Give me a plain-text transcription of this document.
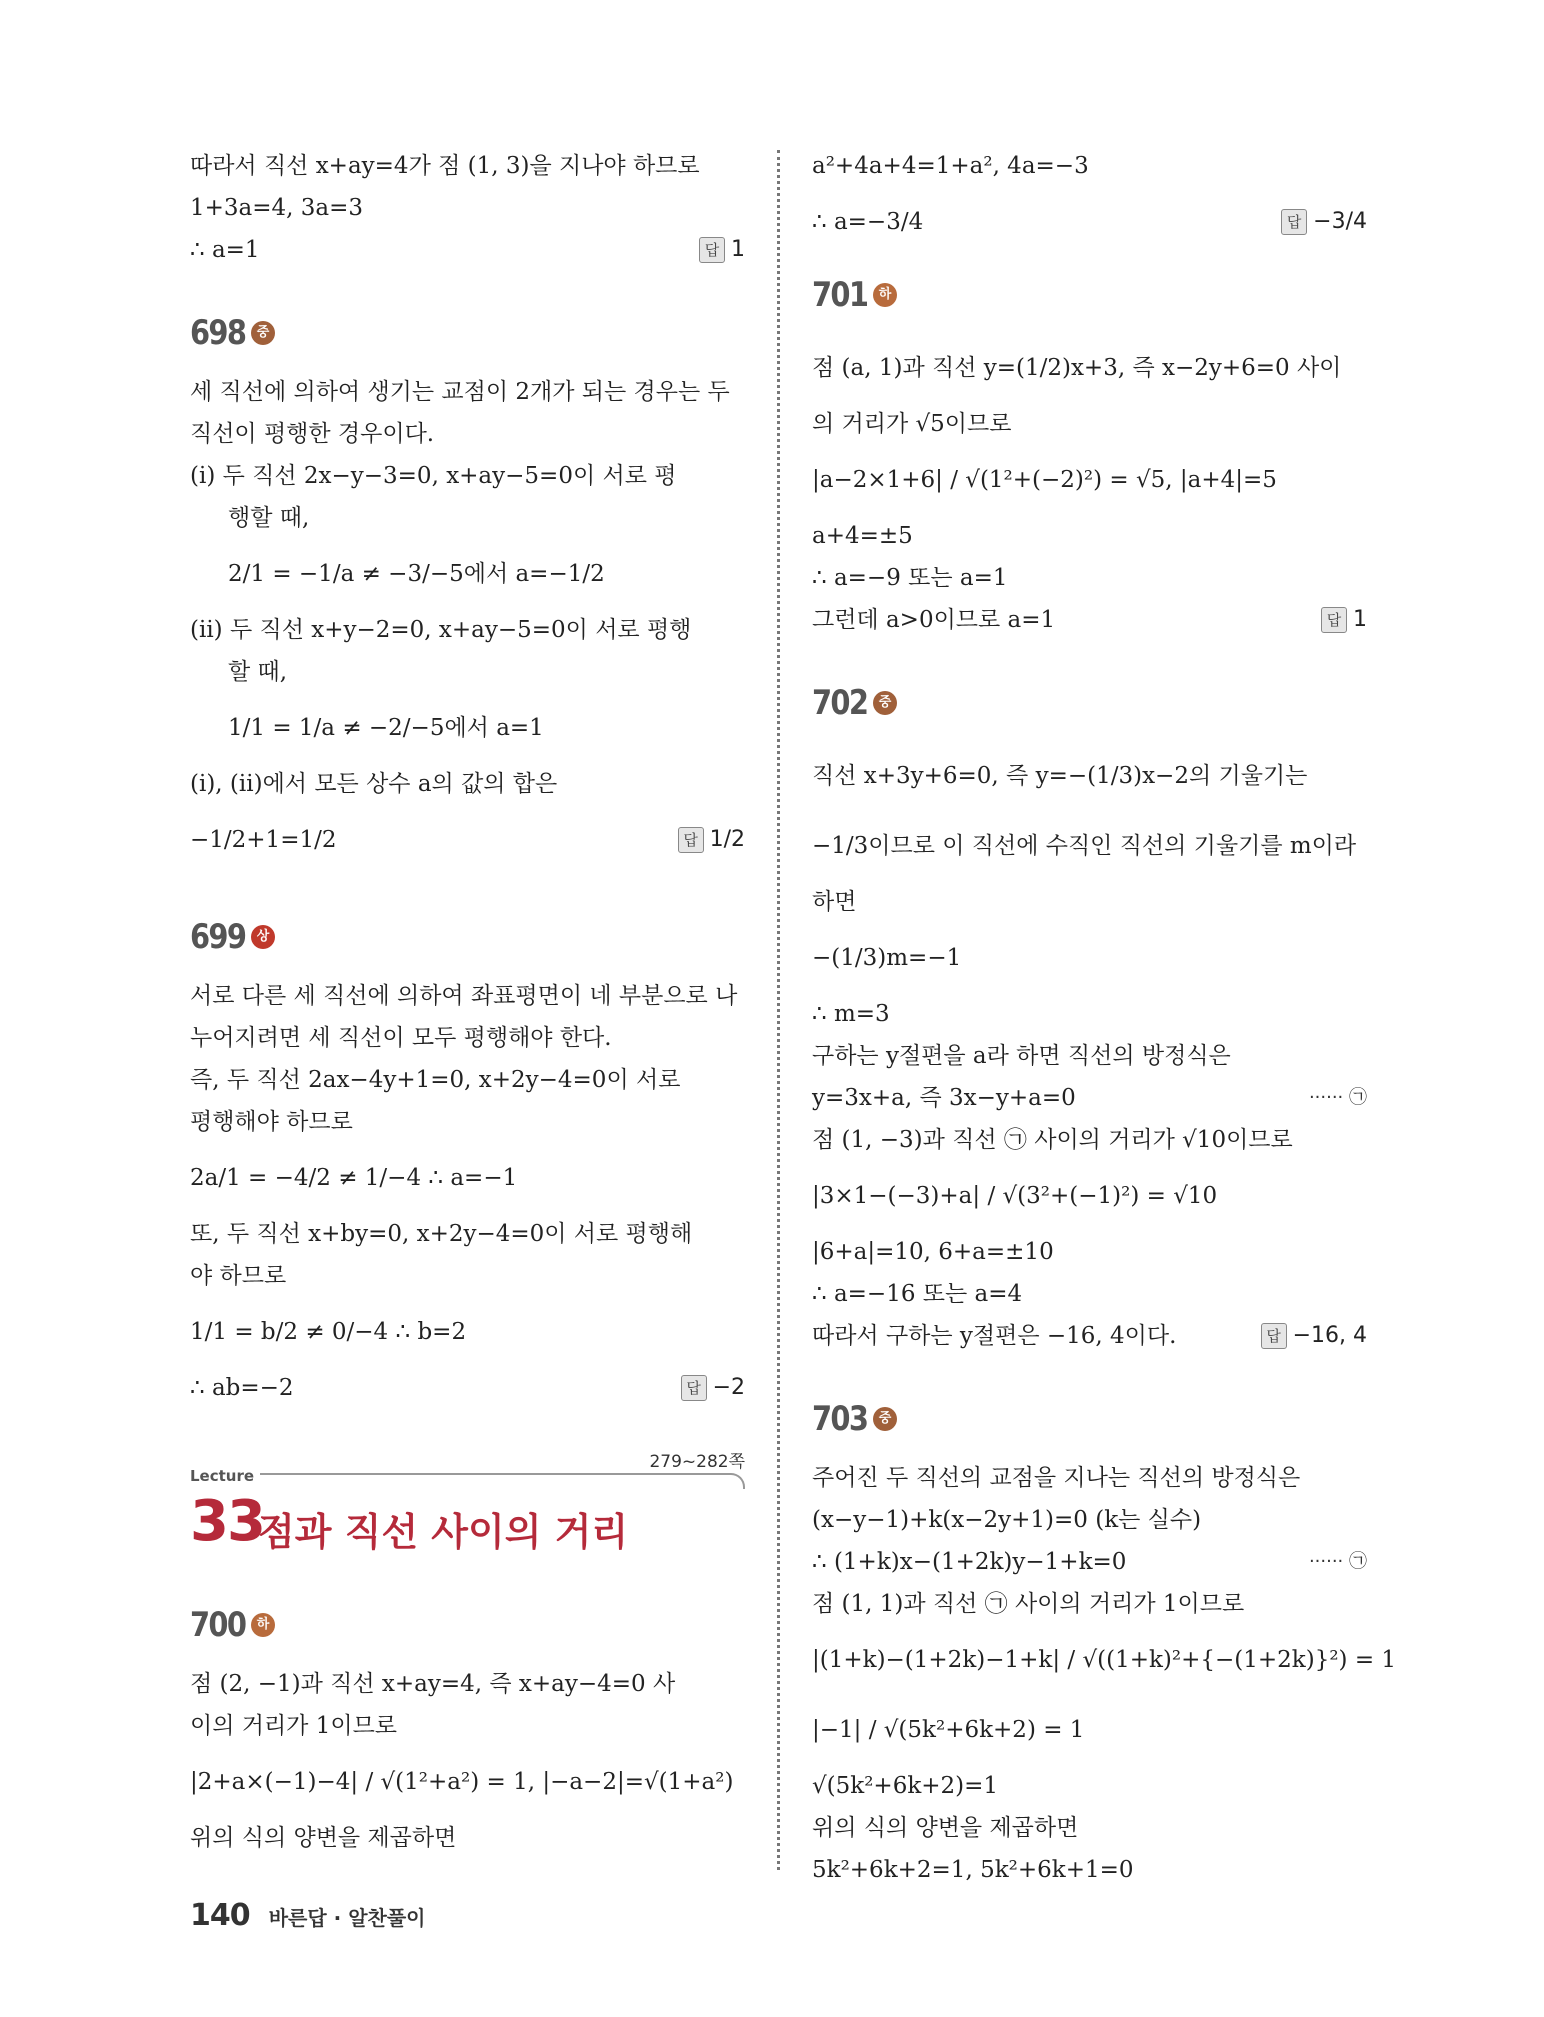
따라서 직선 x+ay=4가 점 (1, 3)을 지나야 하므로
1+3a=4, 3a=3
∴ a=1	답 1
698 중
세 직선에 의하여 생기는 교점이 2개가 되는 경우는 두
직선이 평행한 경우이다.
(ⅰ) 두 직선 2x−y−3=0, x+ay−5=0이 서로 평
행할 때,
2/1 = −1/a ≠ −3/−5에서 a=−1/2
(ⅱ) 두 직선 x+y−2=0, x+ay−5=0이 서로 평행
할 때,
1/1 = 1/a ≠ −2/−5에서 a=1
(ⅰ), (ⅱ)에서 모든 상수 a의 값의 합은
−1/2+1=1/2	답 1/2
699 상
서로 다른 세 직선에 의하여 좌표평면이 네 부분으로 나
누어지려면 세 직선이 모두 평행해야 한다.
즉, 두 직선 2ax−4y+1=0, x+2y−4=0이 서로
평행해야 하므로
2a/1 = −4/2 ≠ 1/−4 ∴ a=−1
또, 두 직선 x+by=0, x+2y−4=0이 서로 평행해
야 하므로
1/1 = b/2 ≠ 0/−4 ∴ b=2
∴ ab=−2	답 −2
279~282쪽
Lecture
33
점과 직선 사이의 거리
700 하
점 (2, −1)과 직선 x+ay=4, 즉 x+ay−4=0 사
이의 거리가 1이므로
|2+a×(−1)−4| / √(1²+a²) = 1, |−a−2|=√(1+a²)
위의 식의 양변을 제곱하면
a²+4a+4=1+a², 4a=−3
∴ a=−3/4	답 −3/4
701 하
점 (a, 1)과 직선 y=(1/2)x+3, 즉 x−2y+6=0 사이
의 거리가 √5이므로
|a−2×1+6| / √(1²+(−2)²) = √5, |a+4|=5
a+4=±5
∴ a=−9 또는 a=1
그런데 a>0이므로 a=1	답 1
702 중
직선 x+3y+6=0, 즉 y=−(1/3)x−2의 기울기는
−1/3이므로 이 직선에 수직인 직선의 기울기를 m이라
하면
−(1/3)m=−1
∴ m=3
구하는 y절편을 a라 하면 직선의 방정식은
y=3x+a, 즉 3x−y+a=0	······ ㉠
점 (1, −3)과 직선 ㉠ 사이의 거리가 √10이므로
|3×1−(−3)+a| / √(3²+(−1)²) = √10
|6+a|=10, 6+a=±10
∴ a=−16 또는 a=4
따라서 구하는 y절편은 −16, 4이다.	답 −16, 4
703 중
주어진 두 직선의 교점을 지나는 직선의 방정식은
(x−y−1)+k(x−2y+1)=0 (k는 실수)
∴ (1+k)x−(1+2k)y−1+k=0	······ ㉠
점 (1, 1)과 직선 ㉠ 사이의 거리가 1이므로
|(1+k)−(1+2k)−1+k| / √((1+k)²+{−(1+2k)}²) = 1
|−1| / √(5k²+6k+2) = 1
√(5k²+6k+2)=1
위의 식의 양변을 제곱하면
5k²+6k+2=1, 5k²+6k+1=0
140 바른답 · 알찬풀이
